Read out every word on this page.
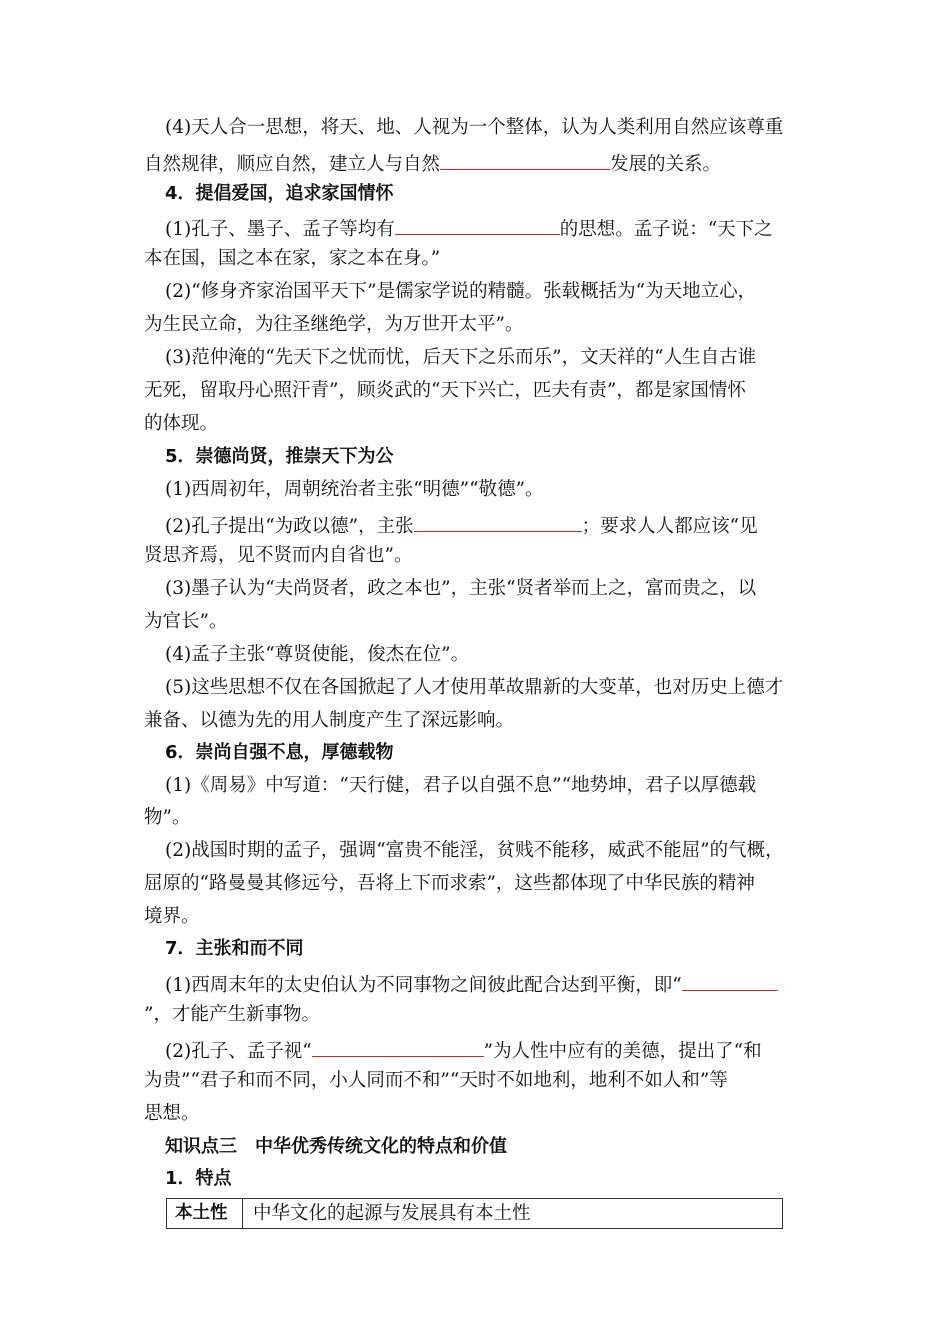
(4)天人合一思想，将天、地、人视为一个整体，认为人类利用自然应该尊重
自然规律，顺应自然，建立人与自然	发展的关系。
4．提倡爱国，追求家国情怀
(1)孔子、墨子、孟子等均有	的思想。孟子说：“天下之
本在国，国之本在家，家之本在身。”
(2)“修身齐家治国平天下”是儒家学说的精髓。张载概括为“为天地立心，
为生民立命，为往圣继绝学，为万世开太平”。
(3)范仲淹的“先天下之忧而忧，后天下之乐而乐”，文天祥的“人生自古谁
无死，留取丹心照汗青”，顾炎武的“天下兴亡，匹夫有责”，都是家国情怀
的体现。
5．崇德尚贤，推崇天下为公
(1)西周初年，周朝统治者主张“明德”“敬德”。
(2)孔子提出“为政以德”，主张	；要求人人都应该“见
贤思齐焉，见不贤而内自省也”。
(3)墨子认为“夫尚贤者，政之本也”，主张“贤者举而上之，富而贵之，以
为官长”。
(4)孟子主张“尊贤使能，俊杰在位”。
(5)这些思想不仅在各国掀起了人才使用革故鼎新的大变革，也对历史上德才
兼备、以德为先的用人制度产生了深远影响。
6．崇尚自强不息，厚德载物
(1)《周易》中写道：“天行健，君子以自强不息”“地势坤，君子以厚德载
物”。
(2)战国时期的孟子，强调“富贵不能淫，贫贱不能移，威武不能屈”的气概，
屈原的“路曼曼其修远兮，吾将上下而求索”，这些都体现了中华民族的精神
境界。
7．主张和而不同
(1)西周末年的太史伯认为不同事物之间彼此配合达到平衡，即“
”，才能产生新事物。
(2)孔子、孟子视“	”为人性中应有的美德，提出了“和
为贵”“君子和而不同，小人同而不和”“天时不如地利，地利不如人和”等
思想。
知识点三　中华优秀传统文化的特点和价值
1．特点
本土性	中华文化的起源与发展具有本土性
